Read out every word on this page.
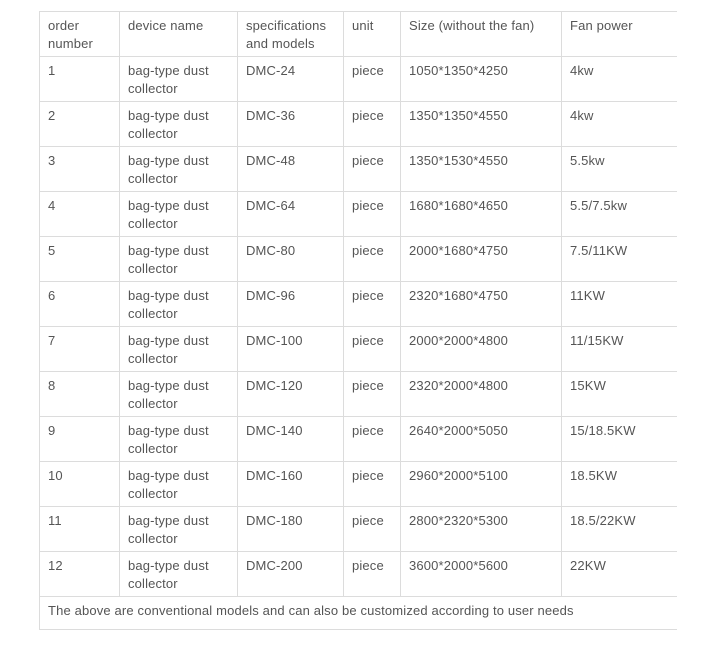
order number	device name	specifications and models	unit	Size (without the fan)	Fan power
1	bag-type dust collector	DMC-24	piece	1050*1350*4250	4kw
2	bag-type dust collector	DMC-36	piece	1350*1350*4550	4kw
3	bag-type dust collector	DMC-48	piece	1350*1530*4550	5.5kw
4	bag-type dust collector	DMC-64	piece	1680*1680*4650	5.5/7.5kw
5	bag-type dust collector	DMC-80	piece	2000*1680*4750	7.5/11KW
6	bag-type dust collector	DMC-96	piece	2320*1680*4750	11KW
7	bag-type dust collector	DMC-100	piece	2000*2000*4800	11/15KW
8	bag-type dust collector	DMC-120	piece	2320*2000*4800	15KW
9	bag-type dust collector	DMC-140	piece	2640*2000*5050	15/18.5KW
10	bag-type dust collector	DMC-160	piece	2960*2000*5100	18.5KW
11	bag-type dust collector	DMC-180	piece	2800*2320*5300	18.5/22KW
12	bag-type dust collector	DMC-200	piece	3600*2000*5600	22KW
The above are conventional models and can also be customized according to user needs					
